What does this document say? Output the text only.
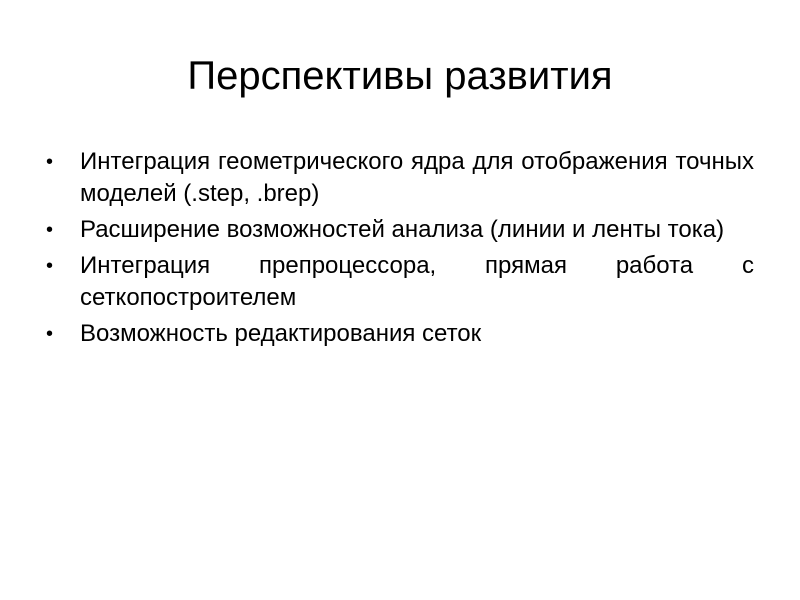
Перспективы развития
•	Интеграция геометрического ядра для отображения точных моделей (.step, .brep)
•	Расширение возможностей анализа (линии и ленты тока)
•	Интеграция препроцессора, прямая работа с сеткопостроителем
•	Возможность редактирования сеток
